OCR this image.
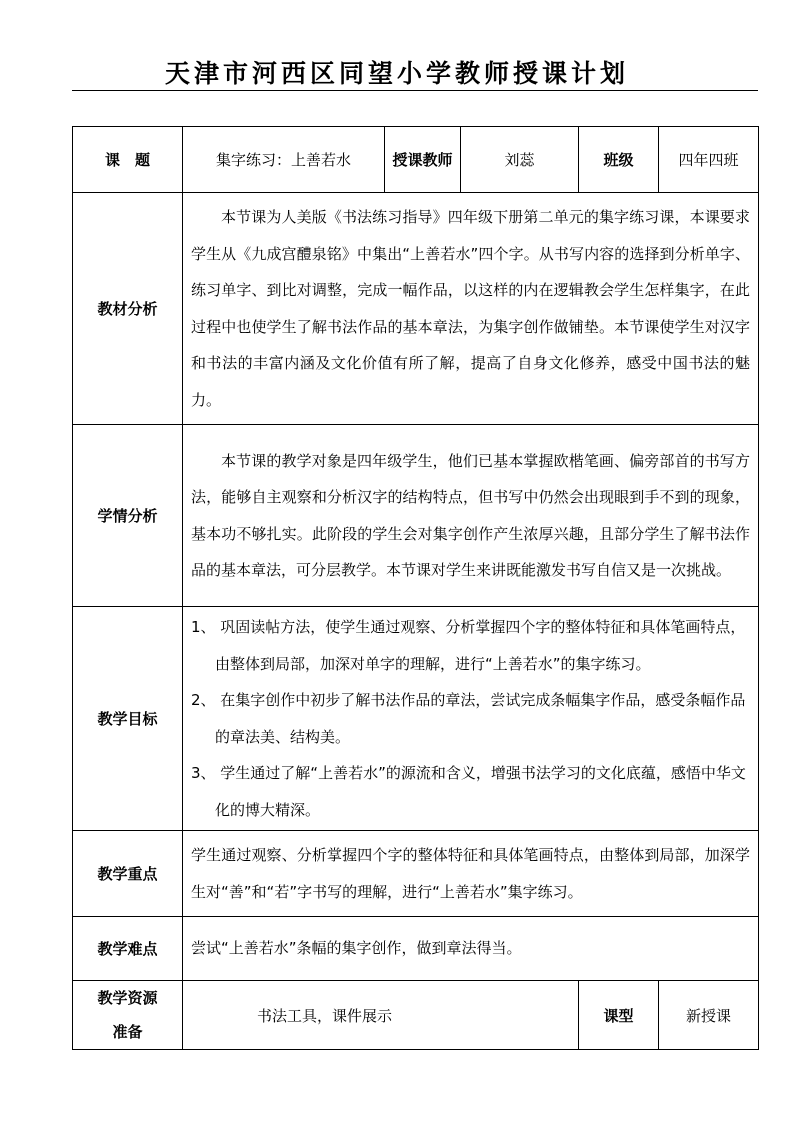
天津市河西区同望小学教师授课计划
课　题	集字练习：上善若水	授课教师	刘蕊	班级	四年四班
教材分析	本节课为人美版《书法练习指导》四年级下册第二单元的集字练习课，本课要求学生从《九成宫醴泉铭》中集出“上善若水”四个字。从书写内容的选择到分析单字、练习单字、到比对调整，完成一幅作品，以这样的内在逻辑教会学生怎样集字，在此过程中也使学生了解书法作品的基本章法，为集字创作做铺垫。本节课使学生对汉字和书法的丰富内涵及文化价值有所了解，提高了自身文化修养，感受中国书法的魅力。				
学情分析	本节课的教学对象是四年级学生，他们已基本掌握欧楷笔画、偏旁部首的书写方法，能够自主观察和分析汉字的结构特点，但书写中仍然会出现眼到手不到的现象，基本功不够扎实。此阶段的学生会对集字创作产生浓厚兴趣，且部分学生了解书法作品的基本章法，可分层教学。本节课对学生来讲既能激发书写自信又是一次挑战。				
教学目标	1、 巩固读帖方法，使学生通过观察、分析掌握四个字的整体特征和具体笔画特点，由整体到局部，加深对单字的理解，进行“上善若水”的集字练习。
2、 在集字创作中初步了解书法作品的章法，尝试完成条幅集字作品，感受条幅作品的章法美、结构美。
3、 学生通过了解“上善若水”的源流和含义，增强书法学习的文化底蕴，感悟中华文化的博大精深。				

教学重点	学生通过观察、分析掌握四个字的整体特征和具体笔画特点，由整体到局部，加深学生对“善”和“若”字书写的理解，进行“上善若水”集字练习。				
教学难点	尝试“上善若水”条幅的集字创作，做到章法得当。				

教学资源
准备	书法工具，课件展示			课型	新授课
